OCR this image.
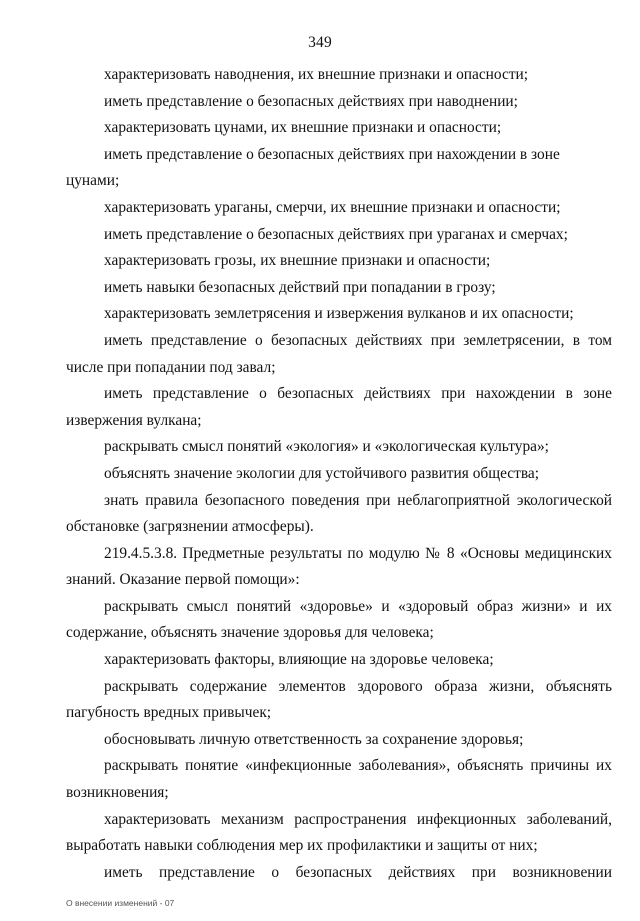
349

характеризовать наводнения, их внешние признаки и опасности;

иметь представление о безопасных действиях при наводнении;

характеризовать цунами, их внешние признаки и опасности;

иметь представление о безопасных действиях при нахождении в зоне цунами;

характеризовать ураганы, смерчи, их внешние признаки и опасности;

иметь представление о безопасных действиях при ураганах и смерчах;

характеризовать грозы, их внешние признаки и опасности;

иметь навыки безопасных действий при попадании в грозу;

характеризовать землетрясения и извержения вулканов и их опасности;

иметь представление о безопасных действиях при землетрясении, в том числе при попадании под завал;

иметь представление о безопасных действиях при нахождении в зоне извержения вулкана;

раскрывать смысл понятий «экология» и «экологическая культура»;

объяснять значение экологии для устойчивого развития общества;

знать правила безопасного поведения при неблагоприятной экологической обстановке (загрязнении атмосферы).

219.4.5.3.8. Предметные результаты по модулю № 8 «Основы медицинских знаний. Оказание первой помощи»:

раскрывать смысл понятий «здоровье» и «здоровый образ жизни» и их содержание, объяснять значение здоровья для человека;

характеризовать факторы, влияющие на здоровье человека;

раскрывать содержание элементов здорового образа жизни, объяснять пагубность вредных привычек;

обосновывать личную ответственность за сохранение здоровья;

раскрывать понятие «инфекционные заболевания», объяснять причины их возникновения;

характеризовать механизм распространения инфекционных заболеваний, выработать навыки соблюдения мер их профилактики и защиты от них;

иметь представление о безопасных действиях при возникновении

О внесении изменений - 07
